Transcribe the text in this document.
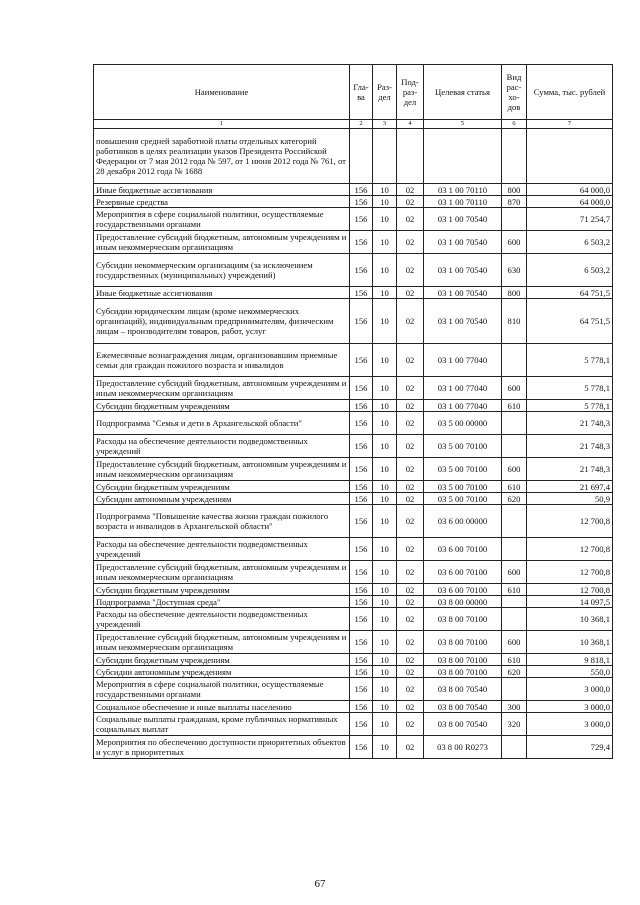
Наименование	Гла-ва	Раз-дел	Под-раз-дел	Целевая статья	Вид рас-хо-дов	Сумма, тыс. рублей
1	2	3	4	5	6	7
повышения средней заработной платы отдельных категорий работников в целях реализации указов Президента Российской Федерации от 7 мая 2012 года № 597, от 1 июня 2012 года № 761, от 28 декабря 2012 года № 1688						
Иные бюджетные ассигнования	156	10	02	03 1 00 70110	800	64 000,0
Резервные средства	156	10	02	03 1 00 70110	870	64 000,0
Мероприятия в сфере социальной политики, осуществляемые государственными органами	156	10	02	03 1 00 70540		71 254,7
Предоставление субсидий бюджетным, автономным учреждениям и иным некоммерческим организациям	156	10	02	03 1 00 70540	600	6 503,2
Субсидии некоммерческим организациям (за исключением государственных (муниципальных) учреждений)	156	10	02	03 1 00 70540	630	6 503,2
Иные бюджетные ассигнования	156	10	02	03 1 00 70540	800	64 751,5
Субсидии юридическим лицам (кроме некоммерческих организаций), индивидуальным предпринимателям, физическим лицам – производителям товаров, работ, услуг	156	10	02	03 1 00 70540	810	64 751,5
Ежемесячные вознаграждения лицам, организовавшим приемные семьи для граждан пожилого возраста и инвалидов	156	10	02	03 1 00 77040		5 778,1
Предоставление субсидий бюджетным, автономным учреждениям и иным некоммерческим организациям	156	10	02	03 1 00 77040	600	5 778,1
Субсидии бюджетным учреждениям	156	10	02	03 1 00 77040	610	5 778,1
Подпрограмма "Семья и дети в Архангельской области"	156	10	02	03 5 00 00000		21 748,3
Расходы на обеспечение деятельности подведомственных учреждений	156	10	02	03 5 00 70100		21 748,3
Предоставление субсидий бюджетным, автономным учреждениям и иным некоммерческим организациям	156	10	02	03 5 00 70100	600	21 748,3
Субсидии бюджетным учреждениям	156	10	02	03 5 00 70100	610	21 697,4
Субсидии автономным учреждениям	156	10	02	03 5 00 70100	620	50,9
Подпрограмма "Повышение качества жизни граждан пожилого возраста и инвалидов в Архангельской области"	156	10	02	03 6 00 00000		12 700,8
Расходы на обеспечение деятельности подведомственных учреждений	156	10	02	03 6 00 70100		12 700,8
Предоставление субсидий бюджетным, автономным учреждениям и иным некоммерческим организациям	156	10	02	03 6 00 70100	600	12 700,8
Субсидии бюджетным учреждениям	156	10	02	03 6 00 70100	610	12 700,8
Подпрограмма "Доступная среда"	156	10	02	03 8 00 00000		14 097,5
Расходы на обеспечение деятельности подведомственных учреждений	156	10	02	03 8 00 70100		10 368,1
Предоставление субсидий бюджетным, автономным учреждениям и иным некоммерческим организациям	156	10	02	03 8 00 70100	600	10 368,1
Субсидии бюджетным учреждениям	156	10	02	03 8 00 70100	610	9 818,1
Субсидии автономным учреждениям	156	10	02	03 8 00 70100	620	550,0
Мероприятия в сфере социальной политики, осуществляемые государственными органами	156	10	02	03 8 00 70540		3 000,0
Социальное обеспечение и иные выплаты населению	156	10	02	03 8 00 70540	300	3 000,0
Социальные выплаты гражданам, кроме публичных нормативных социальных выплат	156	10	02	03 8 00 70540	320	3 000,0
Мероприятия по обеспечению доступности приоритетных объектов и услуг в приоритетных	156	10	02	03 8 00 R0273		729,4
67
